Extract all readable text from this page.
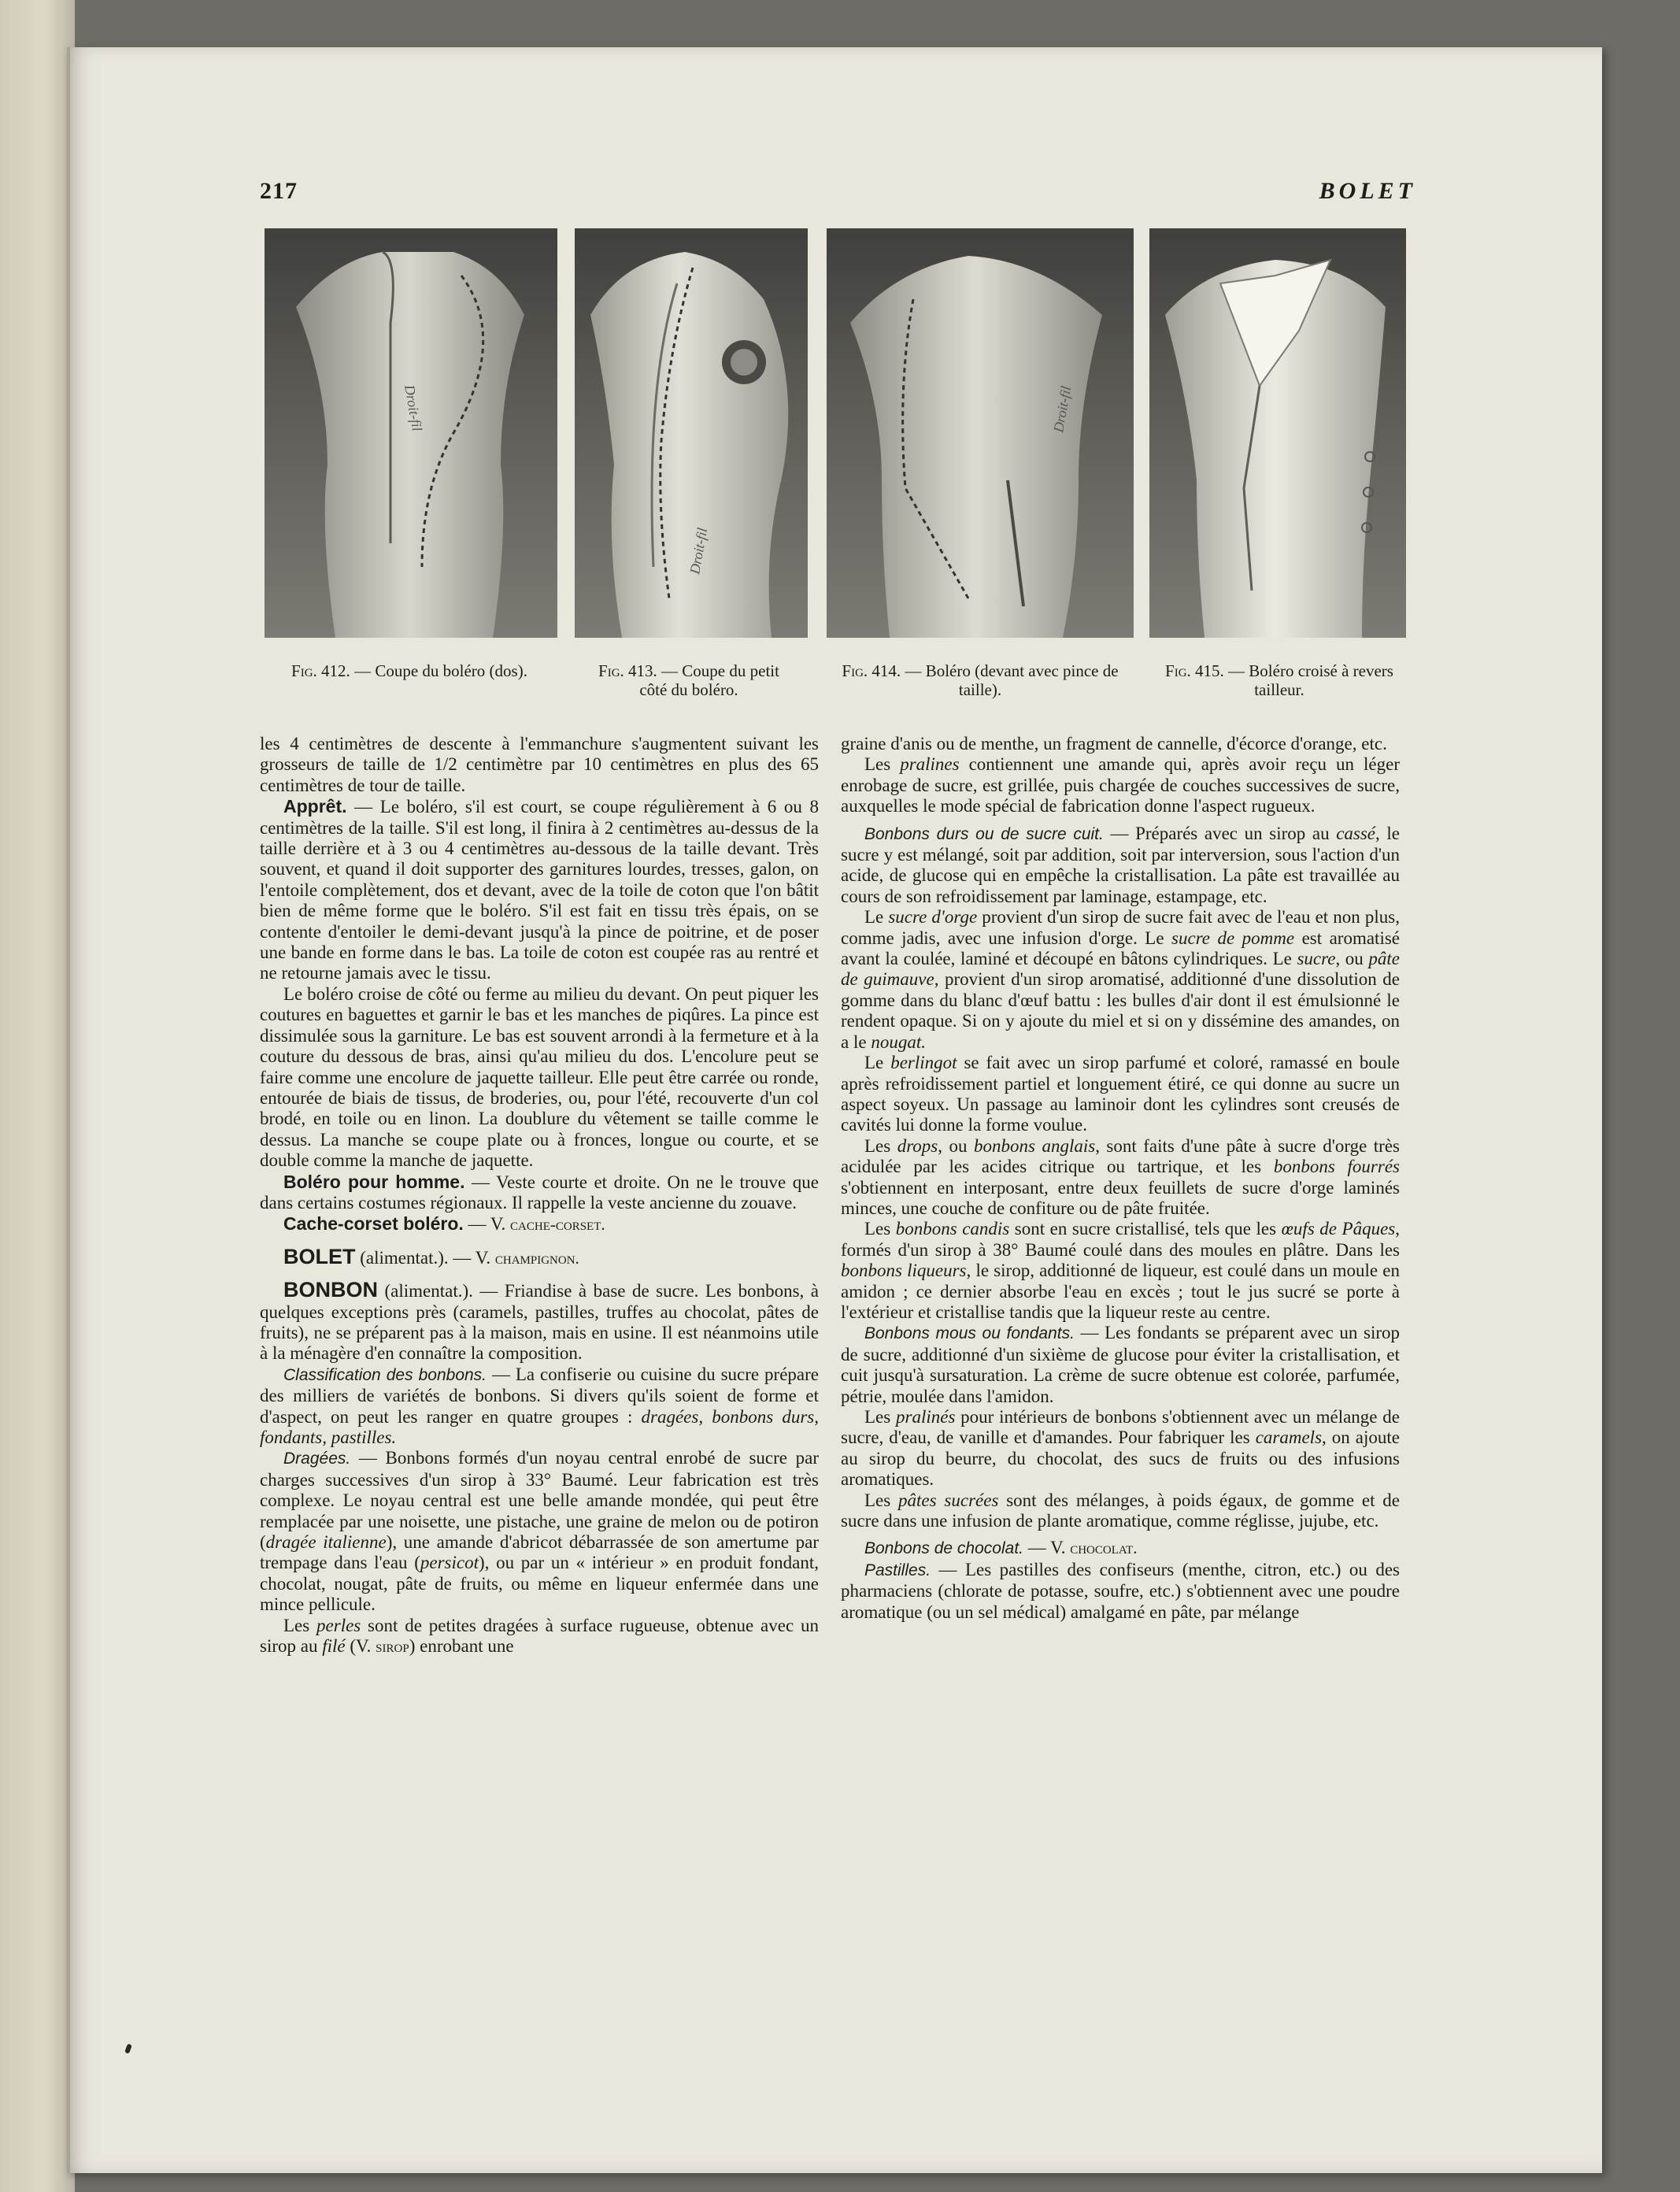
217	BOLET
Droit-fil
Droit-fil
Droit-fil
Fig. 412. — Coupe du boléro (dos).	Fig. 413. — Coupe du petit côté du boléro.
Fig. 414. — Boléro (devant avec pince de taille).
Fig. 415. — Boléro croisé à revers tailleur.

les 4 centimètres de descente à l'emmanchure s'augmentent suivant les grosseurs de taille de 1/2 centimètre par 10 centimètres en plus des 65 centimètres de tour de taille.

Apprêt. — Le boléro, s'il est court, se coupe régulièrement à 6 ou 8 centimètres de la taille. S'il est long, il finira à 2 centimètres au-dessus de la taille derrière et à 3 ou 4 centimètres au-dessous de la taille devant. Très souvent, et quand il doit supporter des garnitures lourdes, tresses, galon, on l'entoile complètement, dos et devant, avec de la toile de coton que l'on bâtit bien de même forme que le boléro. S'il est fait en tissu très épais, on se contente d'entoiler le demi-devant jusqu'à la pince de poitrine, et de poser une bande en forme dans le bas. La toile de coton est coupée ras au rentré et ne retourne jamais avec le tissu.

Le boléro croise de côté ou ferme au milieu du devant. On peut piquer les coutures en baguettes et garnir le bas et les manches de piqûres. La pince est dissimulée sous la garniture. Le bas est souvent arrondi à la fermeture et à la couture du dessous de bras, ainsi qu'au milieu du dos. L'encolure peut se faire comme une encolure de jaquette tailleur. Elle peut être carrée ou ronde, entourée de biais de tissus, de broderies, ou, pour l'été, recouverte d'un col brodé, en toile ou en linon. La doublure du vêtement se taille comme le dessus. La manche se coupe plate ou à fronces, longue ou courte, et se double comme la manche de jaquette.

Boléro pour homme. — Veste courte et droite. On ne le trouve que dans certains costumes régionaux. Il rappelle la veste ancienne du zouave.

Cache-corset boléro. — V. cache-corset.

BOLET (alimentat.). — V. champignon.

BONBON (alimentat.). — Friandise à base de sucre. Les bonbons, à quelques exceptions près (caramels, pastilles, truffes au chocolat, pâtes de fruits), ne se préparent pas à la maison, mais en usine. Il est néanmoins utile à la ménagère d'en connaître la composition.

Classification des bonbons. — La confiserie ou cuisine du sucre prépare des milliers de variétés de bonbons. Si divers qu'ils soient de forme et d'aspect, on peut les ranger en quatre groupes : dragées, bonbons durs, fondants, pastilles.

Dragées. — Bonbons formés d'un noyau central enrobé de sucre par charges successives d'un sirop à 33° Baumé. Leur fabrication est très complexe. Le noyau central est une belle amande mondée, qui peut être remplacée par une noisette, une pistache, une graine de melon ou de potiron (dragée italienne), une amande d'abricot débarrassée de son amertume par trempage dans l'eau (persicot), ou par un « intérieur » en produit fondant, chocolat, nougat, pâte de fruits, ou même en liqueur enfermée dans une mince pellicule.

Les perles sont de petites dragées à surface rugueuse, obtenue avec un sirop au filé (V. sirop) enrobant une

graine d'anis ou de menthe, un fragment de cannelle, d'écorce d'orange, etc.

Les pralines contiennent une amande qui, après avoir reçu un léger enrobage de sucre, est grillée, puis chargée de couches successives de sucre, auxquelles le mode spécial de fabrication donne l'aspect rugueux.

Bonbons durs ou de sucre cuit. — Préparés avec un sirop au cassé, le sucre y est mélangé, soit par addition, soit par interversion, sous l'action d'un acide, de glucose qui en empêche la cristallisation. La pâte est travaillée au cours de son refroidissement par laminage, estampage, etc.

Le sucre d'orge provient d'un sirop de sucre fait avec de l'eau et non plus, comme jadis, avec une infusion d'orge. Le sucre de pomme est aromatisé avant la coulée, laminé et découpé en bâtons cylindriques. Le sucre, ou pâte de guimauve, provient d'un sirop aromatisé, additionné d'une dissolution de gomme dans du blanc d'œuf battu : les bulles d'air dont il est émulsionné le rendent opaque. Si on y ajoute du miel et si on y dissémine des amandes, on a le nougat.

Le berlingot se fait avec un sirop parfumé et coloré, ramassé en boule après refroidissement partiel et longuement étiré, ce qui donne au sucre un aspect soyeux. Un passage au laminoir dont les cylindres sont creusés de cavités lui donne la forme voulue.

Les drops, ou bonbons anglais, sont faits d'une pâte à sucre d'orge très acidulée par les acides citrique ou tartrique, et les bonbons fourrés s'obtiennent en interposant, entre deux feuillets de sucre d'orge laminés minces, une couche de confiture ou de pâte fruitée.

Les bonbons candis sont en sucre cristallisé, tels que les œufs de Pâques, formés d'un sirop à 38° Baumé coulé dans des moules en plâtre. Dans les bonbons liqueurs, le sirop, additionné de liqueur, est coulé dans un moule en amidon ; ce dernier absorbe l'eau en excès ; tout le jus sucré se porte à l'extérieur et cristallise tandis que la liqueur reste au centre.

Bonbons mous ou fondants. — Les fondants se préparent avec un sirop de sucre, additionné d'un sixième de glucose pour éviter la cristallisation, et cuit jusqu'à sursaturation. La crème de sucre obtenue est colorée, parfumée, pétrie, moulée dans l'amidon.

Les pralinés pour intérieurs de bonbons s'obtiennent avec un mélange de sucre, d'eau, de vanille et d'amandes. Pour fabriquer les caramels, on ajoute au sirop du beurre, du chocolat, des sucs de fruits ou des infusions aromatiques.

Les pâtes sucrées sont des mélanges, à poids égaux, de gomme et de sucre dans une infusion de plante aromatique, comme réglisse, jujube, etc.

Bonbons de chocolat. — V. chocolat.

Pastilles. — Les pastilles des confiseurs (menthe, citron, etc.) ou des pharmaciens (chlorate de potasse, soufre, etc.) s'obtiennent avec une poudre aromatique (ou un sel médical) amalgamé en pâte, par mélange
